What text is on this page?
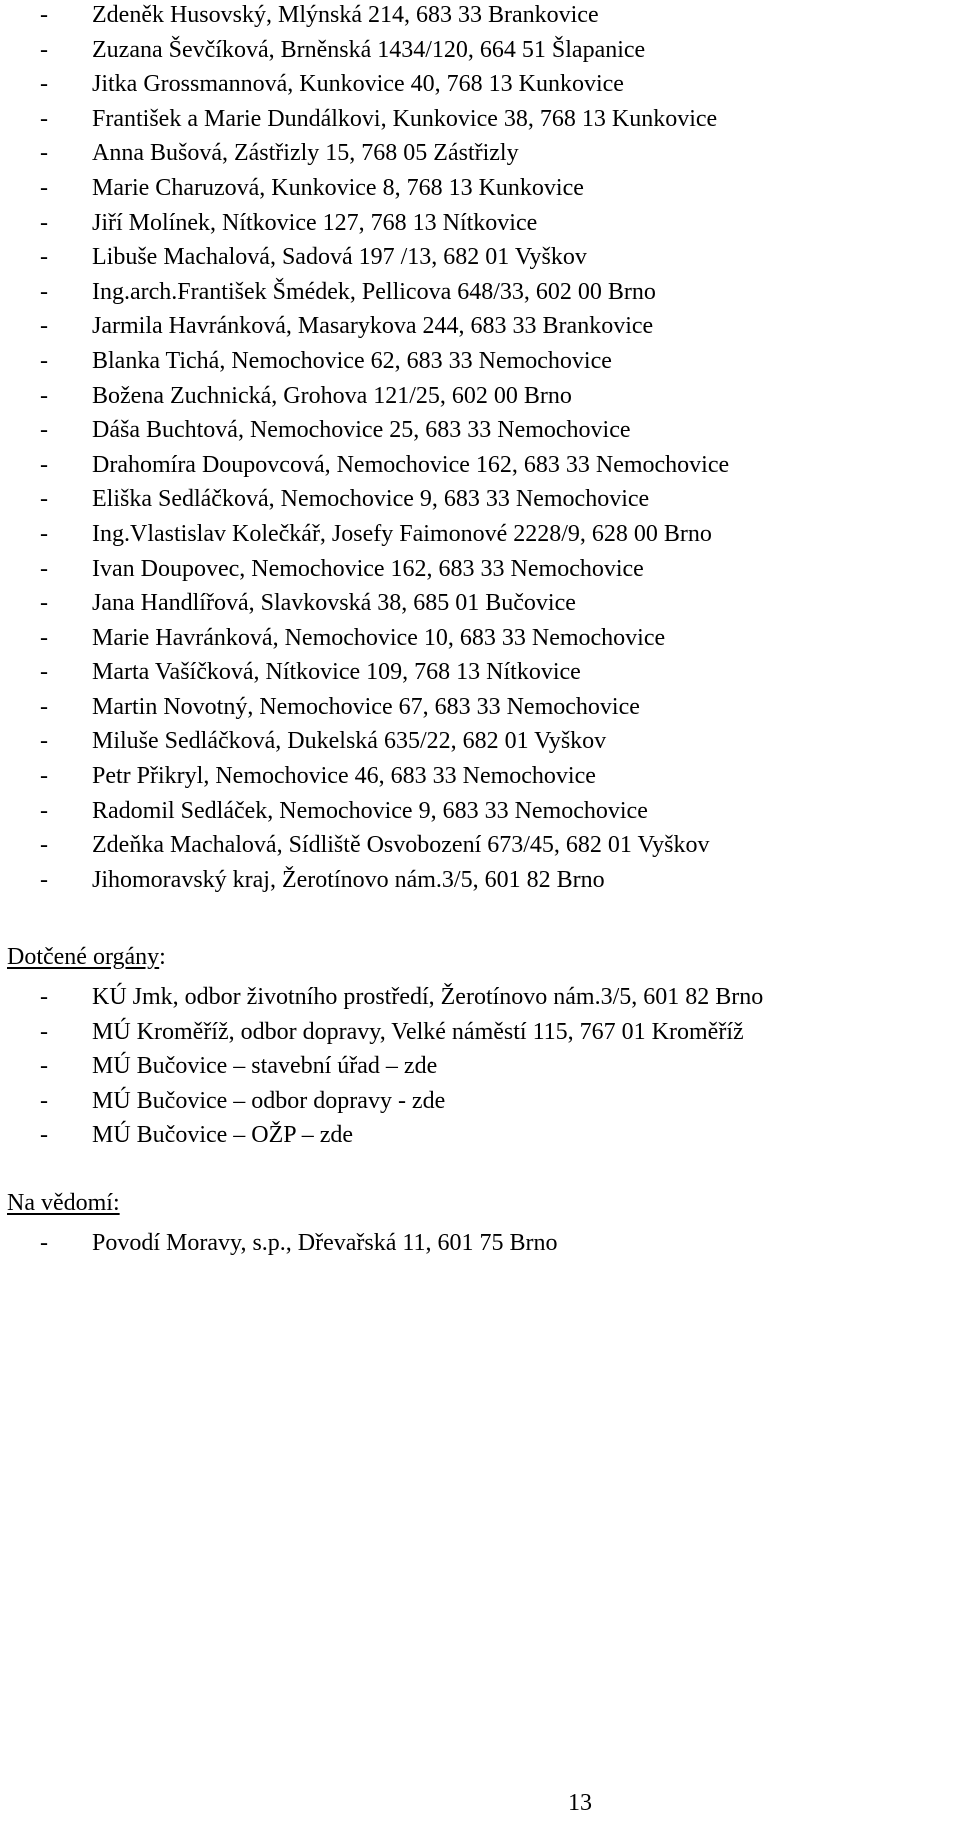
-	Zdeněk Husovský, Mlýnská 214, 683 33 Brankovice
-	Zuzana Ševčíková, Brněnská 1434/120, 664 51 Šlapanice
-	Jitka Grossmannová, Kunkovice 40, 768 13 Kunkovice
-	František a Marie Dundálkovi, Kunkovice 38, 768 13 Kunkovice
-	Anna Bušová, Zástřizly 15, 768 05 Zástřizly
-	Marie Charuzová, Kunkovice 8, 768 13 Kunkovice
-	Jiří Molínek, Nítkovice 127, 768 13 Nítkovice
-	Libuše Machalová, Sadová 197 /13, 682 01 Vyškov
-	Ing.arch.František Šmédek, Pellicova 648/33, 602 00 Brno
-	Jarmila Havránková, Masarykova 244, 683 33 Brankovice
-	Blanka Tichá, Nemochovice 62, 683 33 Nemochovice
-	Božena Zuchnická, Grohova 121/25, 602 00 Brno
-	Dáša Buchtová, Nemochovice 25, 683 33 Nemochovice
-	Drahomíra Doupovcová, Nemochovice 162, 683 33 Nemochovice
-	Eliška Sedláčková, Nemochovice 9, 683 33 Nemochovice
-	Ing.Vlastislav Kolečkář, Josefy Faimonové 2228/9, 628 00 Brno
-	Ivan Doupovec, Nemochovice 162, 683 33 Nemochovice
-	Jana Handlířová, Slavkovská 38, 685 01 Bučovice
-	Marie Havránková, Nemochovice 10, 683 33 Nemochovice
-	Marta Vašíčková, Nítkovice 109, 768 13 Nítkovice
-	Martin Novotný, Nemochovice 67, 683 33 Nemochovice
-	Miluše Sedláčková, Dukelská 635/22, 682 01 Vyškov
-	Petr Přikryl, Nemochovice 46, 683 33 Nemochovice
-	Radomil Sedláček, Nemochovice 9, 683 33 Nemochovice
-	Zdeňka Machalová, Sídliště Osvobození 673/45, 682 01 Vyškov
-	Jihomoravský kraj, Žerotínovo nám.3/5, 601 82 Brno
Dotčené orgány:
-	KÚ Jmk, odbor životního prostředí, Žerotínovo nám.3/5, 601 82 Brno
-	MÚ Kroměříž, odbor dopravy, Velké náměstí 115, 767 01 Kroměříž
-	MÚ Bučovice – stavební úřad – zde
-	MÚ Bučovice – odbor dopravy - zde
-	MÚ Bučovice – OŽP – zde
Na vědomí:
-	Povodí Moravy, s.p., Dřevařská 11, 601 75 Brno
13
